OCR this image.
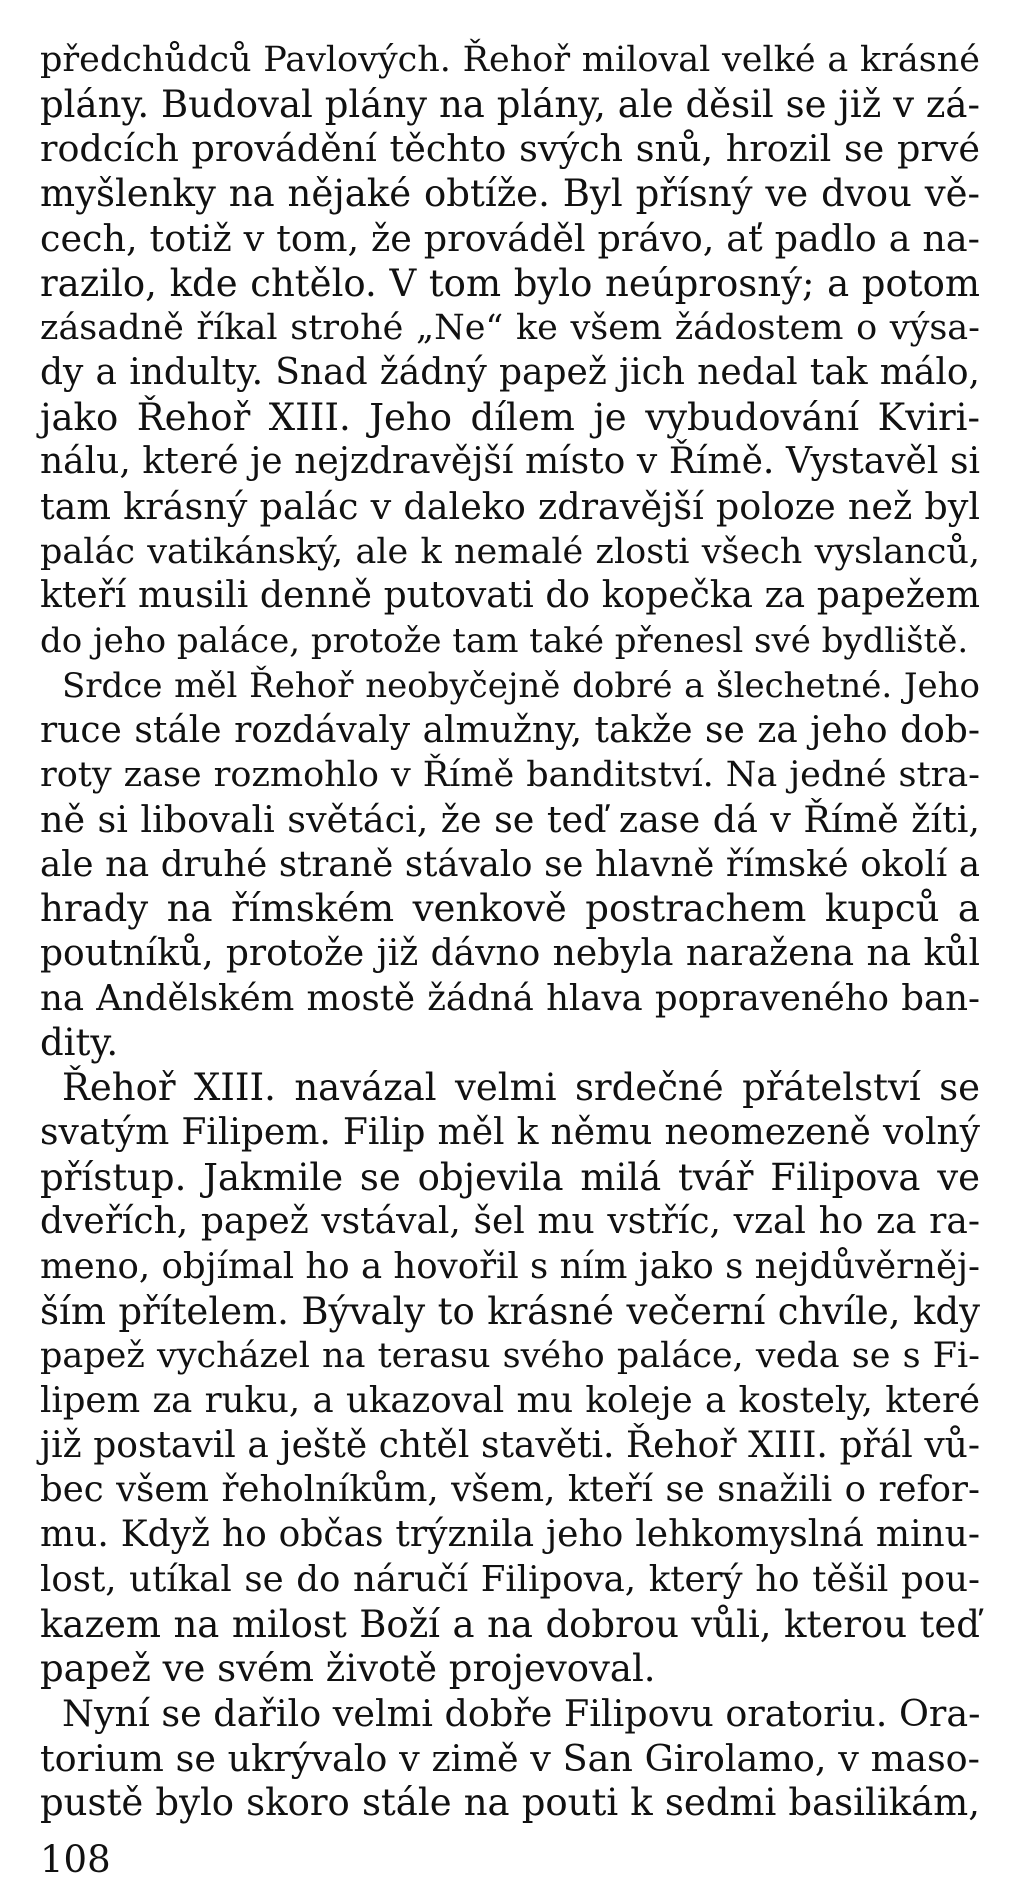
předchůdců Pavlových. Řehoř miloval velké a krásné
plány. Budoval plány na plány, ale děsil se již v zá-
rodcích provádění těchto svých snů, hrozil se prvé
myšlenky na nějaké obtíže. Byl přísný ve dvou vě-
cech, totiž v tom, že prováděl právo, ať padlo a na-
razilo, kde chtělo. V tom bylo neúprosný; a potom
zásadně říkal strohé „Ne“ ke všem žádostem o výsa-
dy a indulty. Snad žádný papež jich nedal tak málo,
jako Řehoř XIII. Jeho dílem je vybudování Kviri-
nálu, které je nejzdravější místo v Římě. Vystavěl si
tam krásný palác v daleko zdravější poloze než byl
palác vatikánský, ale k nemalé zlosti všech vyslanců,
kteří musili denně putovati do kopečka za papežem
do jeho paláce, protože tam také přenesl své bydliště.
Srdce měl Řehoř neobyčejně dobré a šlechetné. Jeho
ruce stále rozdávaly almužny, takže se za jeho dob-
roty zase rozmohlo v Římě banditství. Na jedné stra-
ně si libovali světáci, že se teď zase dá v Římě žíti,
ale na druhé straně stávalo se hlavně římské okolí a
hrady na římském venkově postrachem kupců a
poutníků, protože již dávno nebyla naražena na kůl
na Andělském mostě žádná hlava popraveného ban-
dity.
Řehoř XIII. navázal velmi srdečné přátelství se
svatým Filipem. Filip měl k němu neomezeně volný
přístup. Jakmile se objevila milá tvář Filipova ve
dveřích, papež vstával, šel mu vstříc, vzal ho za ra-
meno, objímal ho a hovořil s ním jako s nejdůvěrněj-
ším přítelem. Bývaly to krásné večerní chvíle, kdy
papež vycházel na terasu svého paláce, veda se s Fi-
lipem za ruku, a ukazoval mu koleje a kostely, které
již postavil a ještě chtěl stavěti. Řehoř XIII. přál vů-
bec všem řeholníkům, všem, kteří se snažili o refor-
mu. Když ho občas trýznila jeho lehkomyslná minu-
lost, utíkal se do náručí Filipova, který ho těšil pou-
kazem na milost Boží a na dobrou vůli, kterou teď
papež ve svém životě projevoval.
Nyní se dařilo velmi dobře Filipovu oratoriu. Ora-
torium se ukrývalo v zimě v San Girolamo, v maso-
pustě bylo skoro stále na pouti k sedmi basilikám,
108
